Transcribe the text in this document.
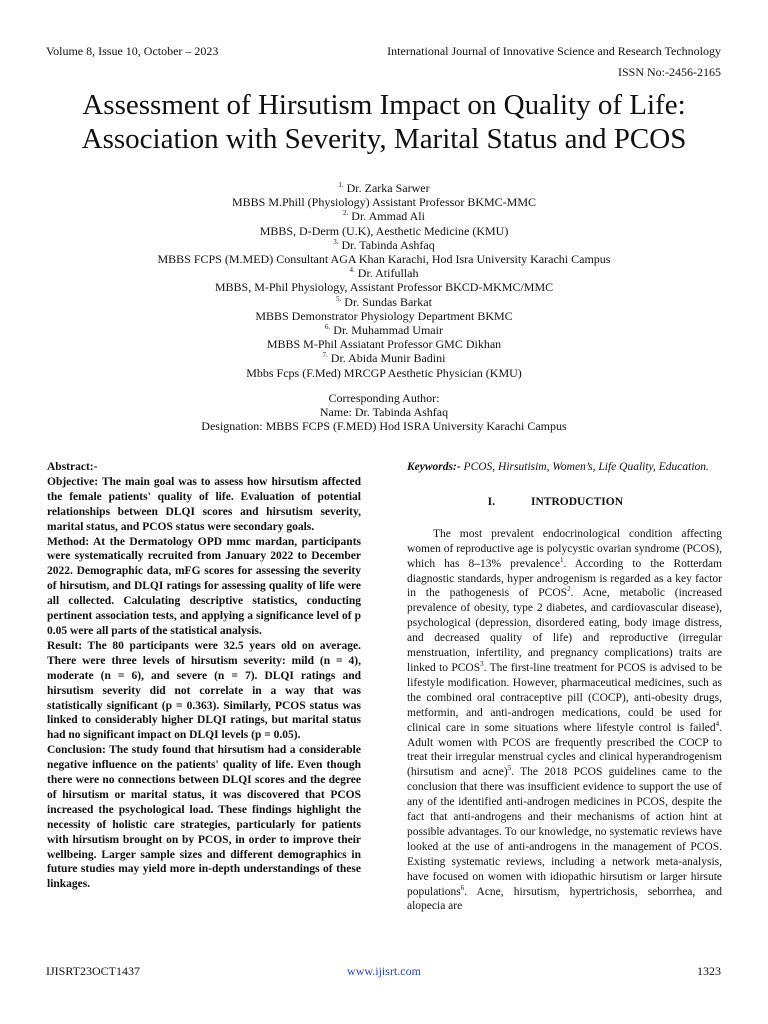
Volume 8, Issue 10, October – 2023	International Journal of Innovative Science and Research Technology
ISSN No:-2456-2165
Assessment of Hirsutism Impact on Quality of Life:
Association with Severity, Marital Status and PCOS
$^{1.}$ Dr. Zarka Sarwer
MBBS M.Phill (Physiology) Assistant Professor BKMC-MMC
$^{2.}$ Dr. Ammad Ali
MBBS, D-Derm (U.K), Aesthetic Medicine (KMU)
$^{3.}$ Dr. Tabinda Ashfaq
MBBS FCPS (M.MED) Consultant AGA Khan Karachi, Hod Isra University Karachi Campus
$^{4.}$ Dr. Atifullah
MBBS, M-Phil Physiology, Assistant Professor BKCD-MKMC/MMC
$^{5.}$ Dr. Sundas Barkat
MBBS Demonstrator Physiology Department BKMC
$^{6.}$ Dr. Muhammad Umair
MBBS M-Phil Assiatant Professor GMC Dikhan
$^{7.}$ Dr. Abida Munir Badini
Mbbs Fcps (F.Med) MRCGP Aesthetic Physician (KMU)
Corresponding Author:
Name: Dr. Tabinda Ashfaq
Designation: MBBS FCPS (F.MED) Hod ISRA University Karachi Campus

Abstract:-

Objective: The main goal was to assess how hirsutism affected the female patients' quality of life. Evaluation of potential relationships between DLQI scores and hirsutism severity, marital status, and PCOS status were secondary goals.

Method: At the Dermatology OPD mmc mardan, participants were systematically recruited from January 2022 to December 2022. Demographic data, mFG scores for assessing the severity of hirsutism, and DLQI ratings for assessing quality of life were all collected. Calculating descriptive statistics, conducting pertinent association tests, and applying a significance level of p 0.05 were all parts of the statistical analysis.

Result: The 80 participants were 32.5 years old on average. There were three levels of hirsutism severity: mild (n = 4), moderate (n = 6), and severe (n = 7). DLQI ratings and hirsutism severity did not correlate in a way that was statistically significant (p = 0.363). Similarly, PCOS status was linked to considerably higher DLQI ratings, but marital status had no significant impact on DLQI levels (p = 0.05).

Conclusion: The study found that hirsutism had a considerable negative influence on the patients' quality of life. Even though there were no connections between DLQI scores and the degree of hirsutism or marital status, it was discovered that PCOS increased the psychological load. These findings highlight the necessity of holistic care strategies, particularly for patients with hirsutism brought on by PCOS, in order to improve their wellbeing. Larger sample sizes and different demographics in future studies may yield more in-depth understandings of these linkages.

Keywords:- PCOS, Hirsutisim, Women’s, Life Quality, Education.

I.	INTRODUCTION

The most prevalent endocrinological condition affecting women of reproductive age is polycystic ovarian syndrome (PCOS), which has 8–13% prevalence$^1$. According to the Rotterdam diagnostic standards, hyper androgenism is regarded as a key factor in the pathogenesis of PCOS$^2$. Acne, metabolic (increased prevalence of obesity, type 2 diabetes, and cardiovascular disease), psychological (depression, disordered eating, body image distress, and decreased quality of life) and reproductive (irregular menstruation, infertility, and pregnancy complications) traits are linked to PCOS$^3$. The first-line treatment for PCOS is advised to be lifestyle modification. However, pharmaceutical medicines, such as the combined oral contraceptive pill (COCP), anti-obesity drugs, metformin, and anti-androgen medications, could be used for clinical care in some situations where lifestyle control is failed$^4$. Adult women with PCOS are frequently prescribed the COCP to treat their irregular menstrual cycles and clinical hyperandrogenism (hirsutism and acne)$^5$. The 2018 PCOS guidelines came to the conclusion that there was insufficient evidence to support the use of any of the identified anti-androgen medicines in PCOS, despite the fact that anti-androgens and their mechanisms of action hint at possible advantages. To our knowledge, no systematic reviews have looked at the use of anti-androgens in the management of PCOS. Existing systematic reviews, including a network meta-analysis, have focused on women with idiopathic hirsutism or larger hirsute populations$^6$. Acne, hirsutism, hypertrichosis, seborrhea, and alopecia are

IJISRT23OCT1437	www.ijisrt.com	1323
